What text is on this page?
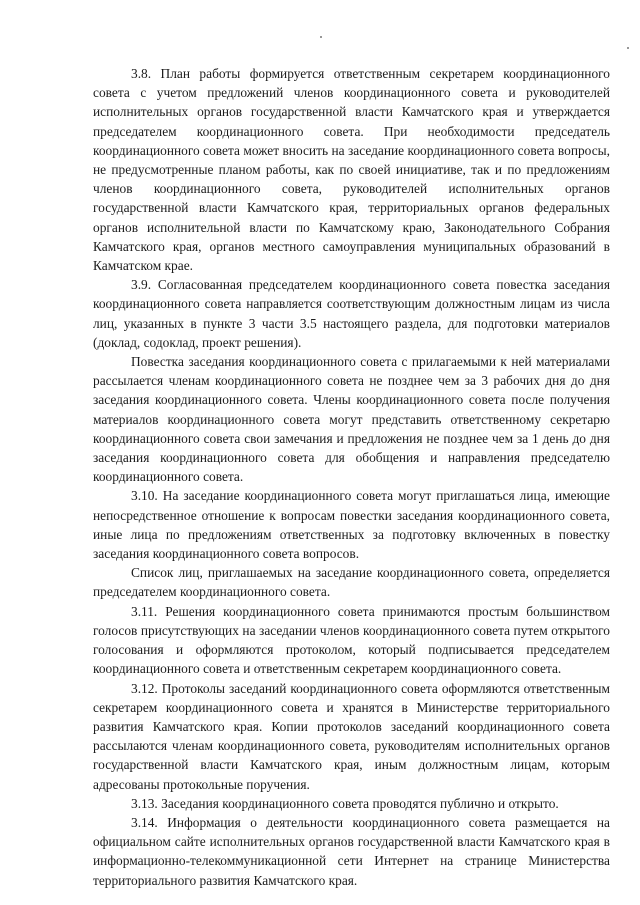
3.8. План работы формируется ответственным секретарем координационного совета с учетом предложений членов координационного совета и руководителей исполнительных органов государственной власти Камчатского края и утверждается председателем координационного совета. При необходимости председатель координационного совета может вносить на заседание координационного совета вопросы, не предусмотренные планом работы, как по своей инициативе, так и по предложениям членов координационного совета, руководителей исполнительных органов государственной власти Камчатского края, территориальных органов федеральных органов исполнительной власти по Камчатскому краю, Законодательного Собрания Камчатского края, органов местного самоуправления муниципальных образований в Камчатском крае.

3.9. Согласованная председателем координационного совета повестка заседания координационного совета направляется соответствующим должностным лицам из числа лиц, указанных в пункте 3 части 3.5 настоящего раздела, для подготовки материалов (доклад, содоклад, проект решения).

Повестка заседания координационного совета с прилагаемыми к ней материалами рассылается членам координационного совета не позднее чем за 3 рабочих дня до дня заседания координационного совета. Члены координационного совета после получения материалов координационного совета могут представить ответственному секретарю координационного совета свои замечания и предложения не позднее чем за 1 день до дня заседания координационного совета для обобщения и направления председателю координационного совета.

3.10. На заседание координационного совета могут приглашаться лица, имеющие непосредственное отношение к вопросам повестки заседания координационного совета, иные лица по предложениям ответственных за подготовку включенных в повестку заседания координационного совета вопросов.

Список лиц, приглашаемых на заседание координационного совета, определяется председателем координационного совета.

3.11. Решения координационного совета принимаются простым большинством голосов присутствующих на заседании членов координационного совета путем открытого голосования и оформляются протоколом, который подписывается председателем координационного совета и ответственным секретарем координационного совета.

3.12. Протоколы заседаний координационного совета оформляются ответственным секретарем координационного совета и хранятся в Министерстве территориального развития Камчатского края. Копии протоколов заседаний координационного совета рассылаются членам координационного совета, руководителям исполнительных органов государственной власти Камчатского края, иным должностным лицам, которым адресованы протокольные поручения.

3.13. Заседания координационного совета проводятся публично и открыто.

3.14. Информация о деятельности координационного совета размещается на официальном сайте исполнительных органов государственной власти Камчатского края в информационно-телекоммуникационной сети Интернет на странице Министерства территориального развития Камчатского края.
